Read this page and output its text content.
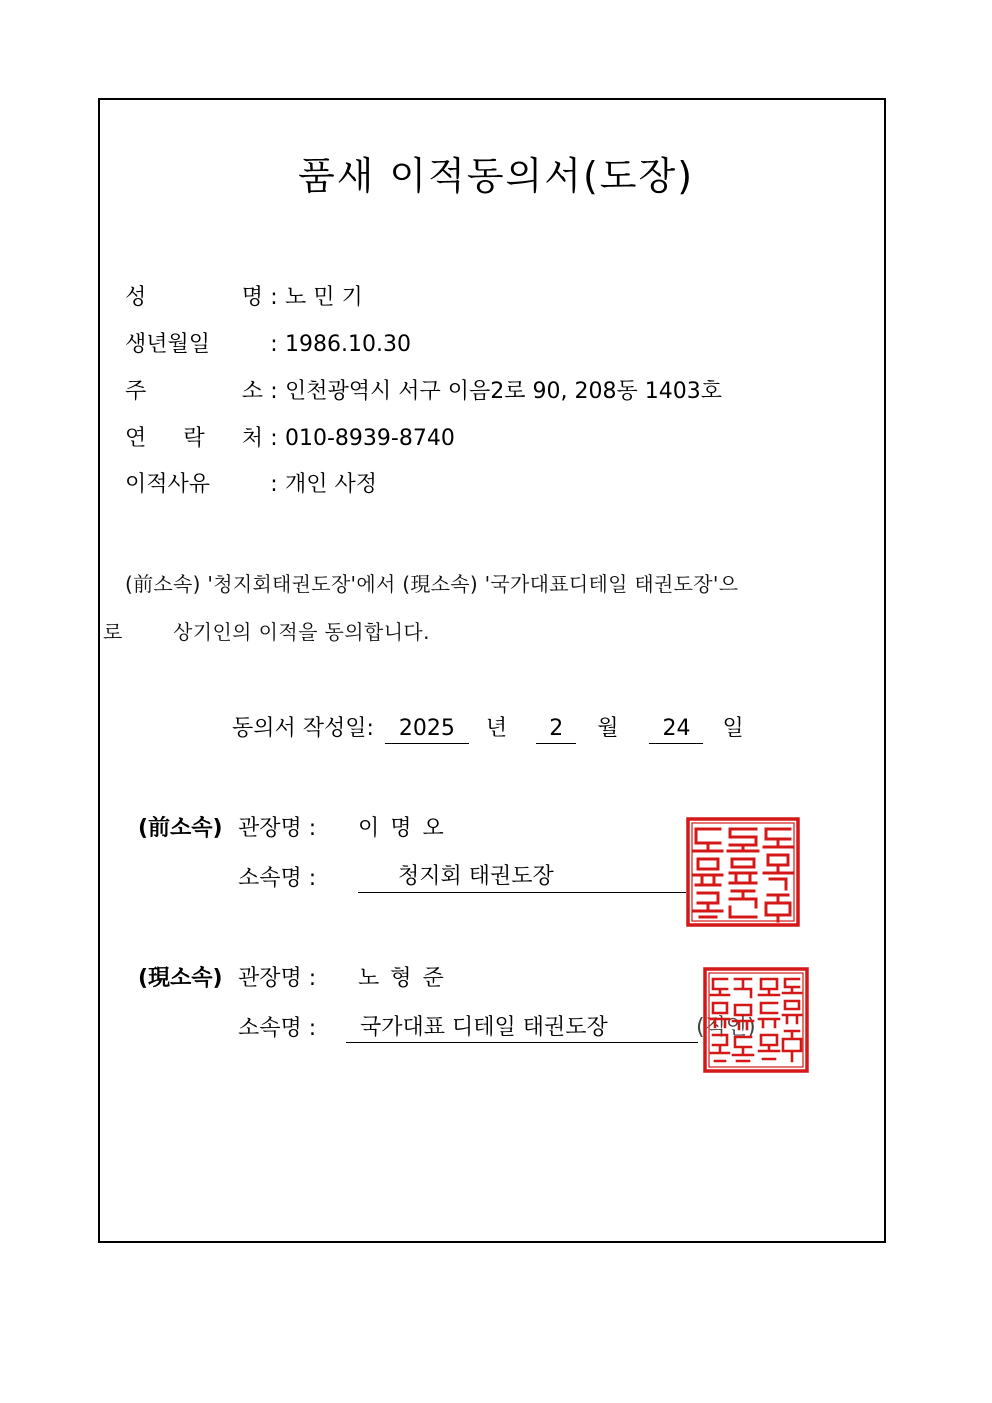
품새 이적동의서(도장)
성 명 : 노 민 기
생년월일	: 1986.10.30
주 소 : 인천광역시 서구 이음2로 90, 208동 1403호
연 락 처 : 010-8939-8740
이적사유	: 개인 사정
(前소속) '청지회태권도장'에서 (現소속) '국가대표디테일 태권도장'으
로	상기인의 이적을 동의합니다.
동의서 작성일: 2025 년 2 월 24 일
(前소속) 관장명 : 이 명 오
소속명 :	청지회 태권도장
(現소속) 관장명 : 노 형 준
소속명 : 국가대표 디테일 태권도장	(직인)
